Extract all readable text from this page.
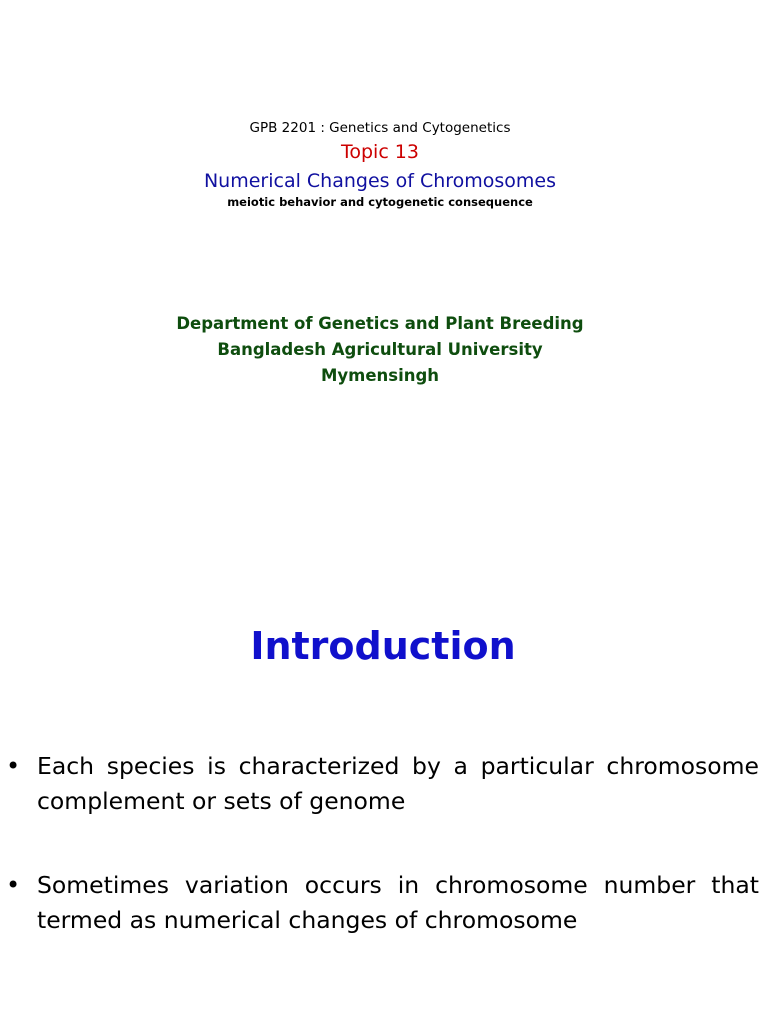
GPB 2201 : Genetics and Cytogenetics
Topic 13
Numerical Changes of Chromosomes
meiotic behavior and cytogenetic consequence
Department of Genetics and Plant Breeding
Bangladesh Agricultural University
Mymensingh
Introduction
• Each species is characterized by a particular chromosome complement or sets of genome
• Sometimes variation occurs in chromosome number that termed as numerical changes of chromosome
